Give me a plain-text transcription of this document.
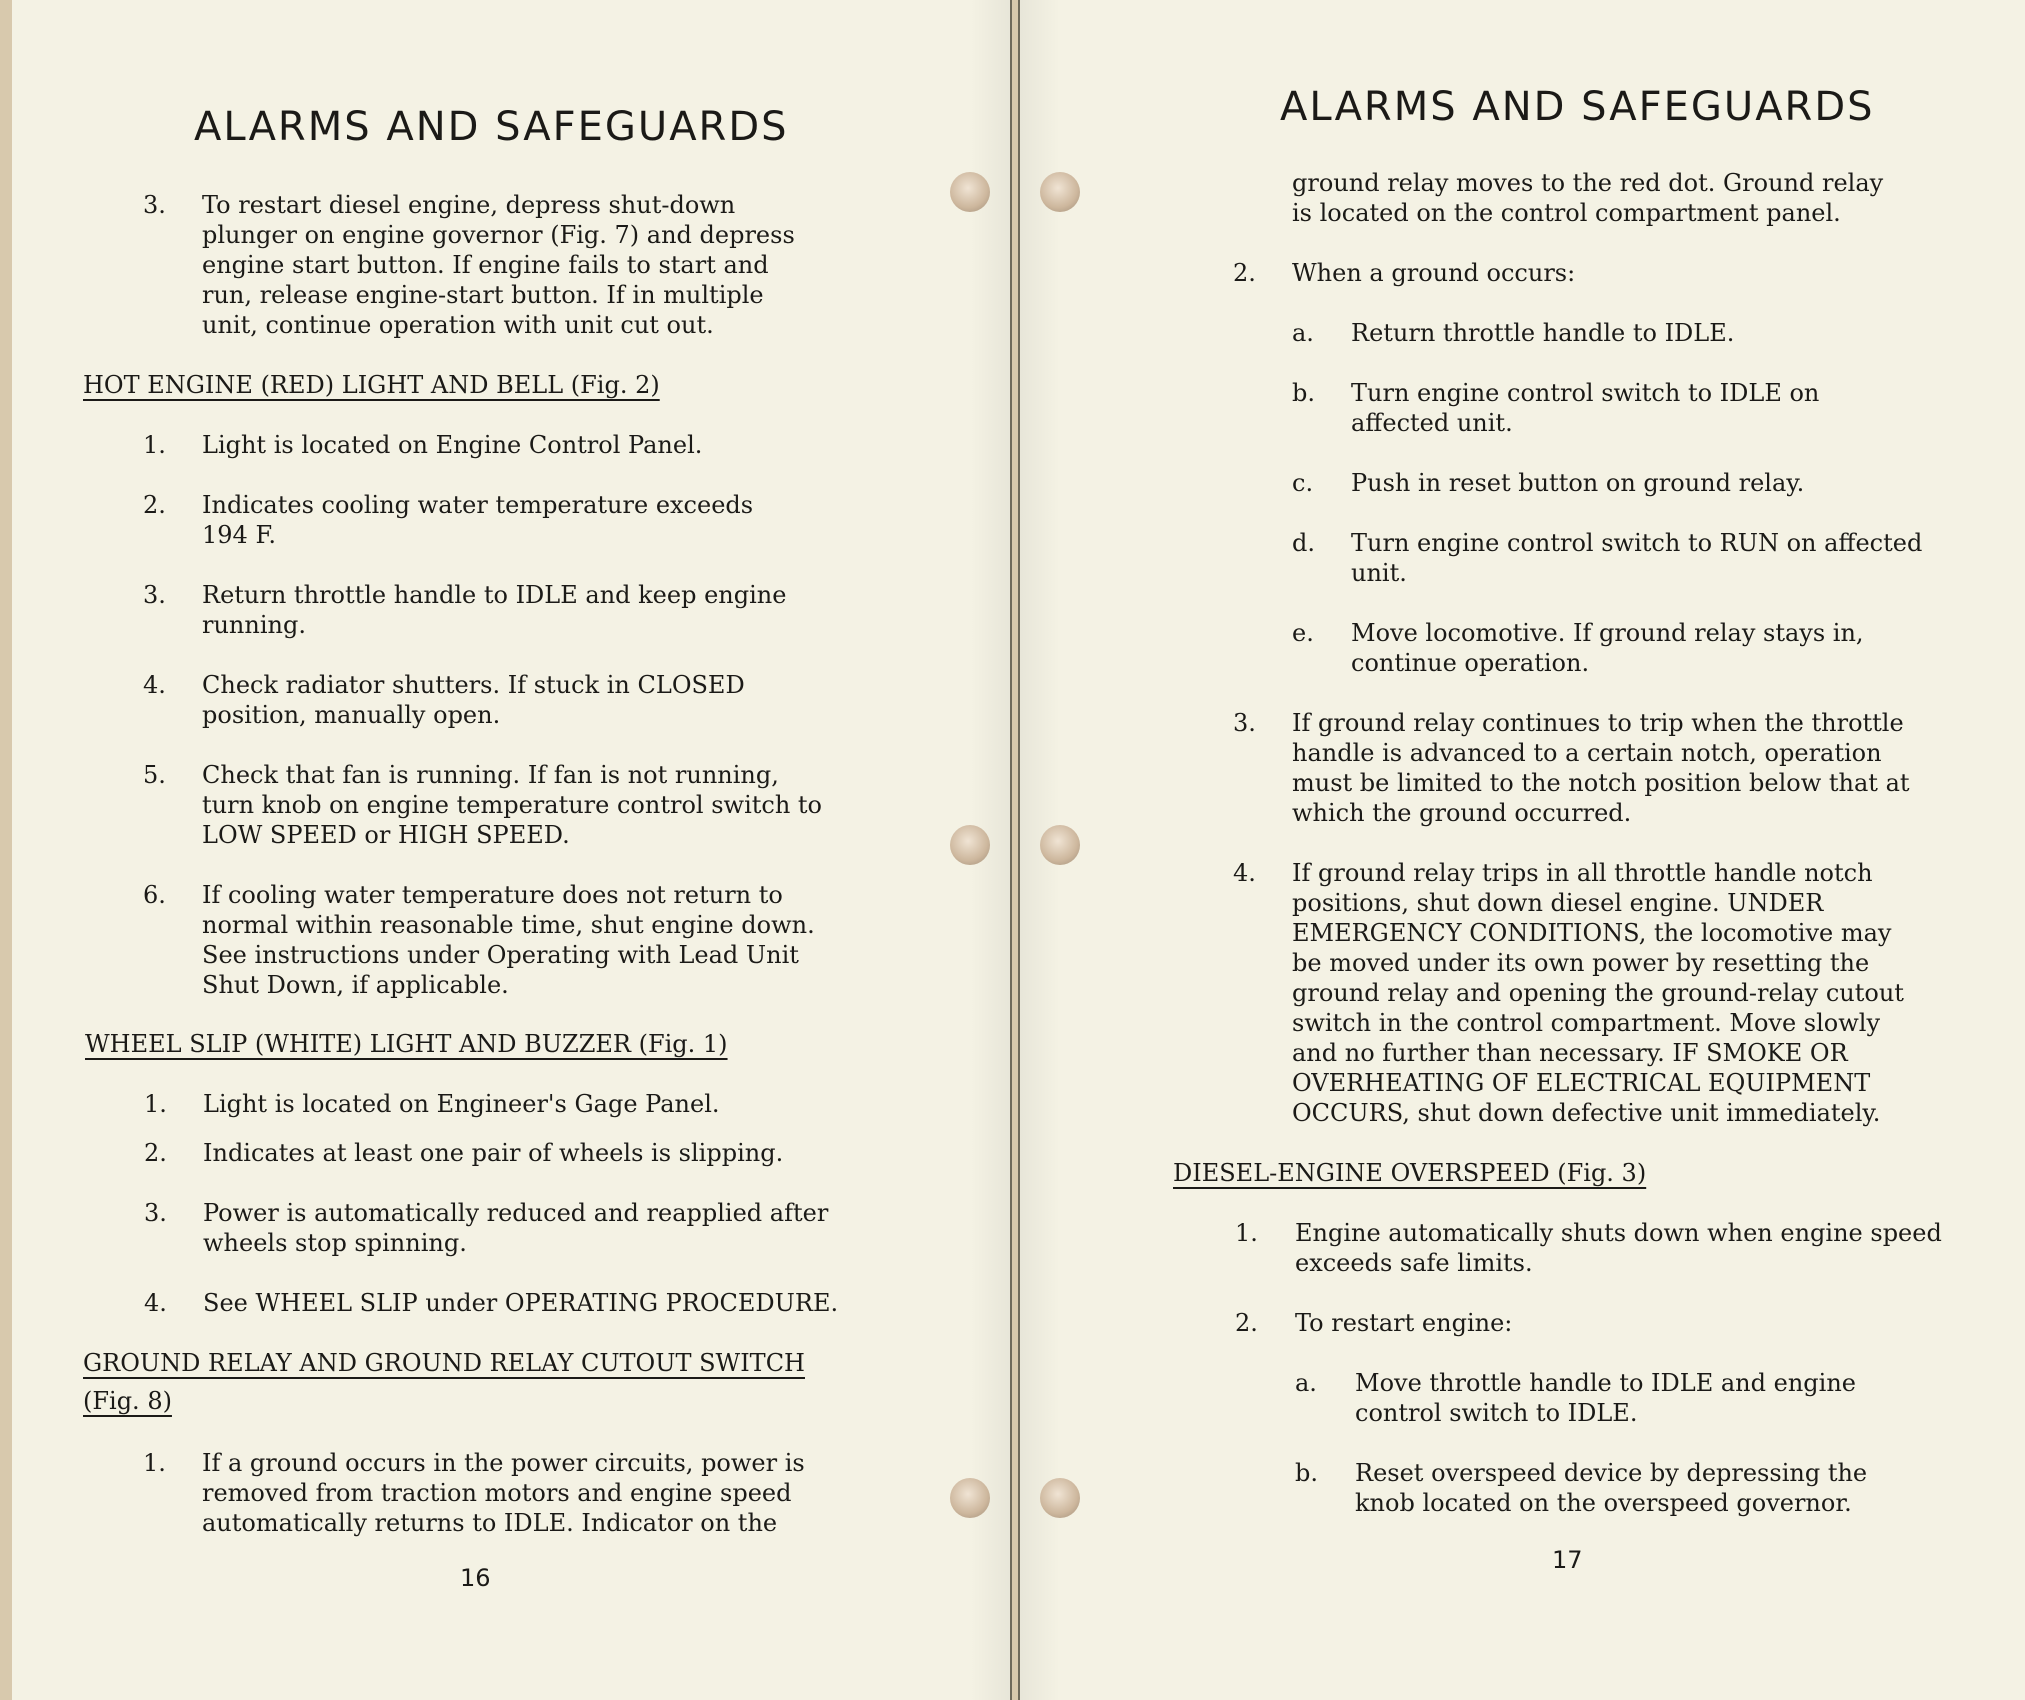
ALARMS AND SAFEGUARDS
3. To restart diesel engine, depress shut-down
plunger on engine governor (Fig. 7) and depress
engine start button. If engine fails to start and
run, release engine-start button. If in multiple
unit, continue operation with unit cut out.
HOT ENGINE (RED) LIGHT AND BELL (Fig. 2)
1. Light is located on Engine Control Panel.
2. Indicates cooling water temperature exceeds
194 F.
3. Return throttle handle to IDLE and keep engine
running.
4. Check radiator shutters. If stuck in CLOSED
position, manually open.
5. Check that fan is running. If fan is not running,
turn knob on engine temperature control switch to
LOW SPEED or HIGH SPEED.
6. If cooling water temperature does not return to
normal within reasonable time, shut engine down.
See instructions under Operating with Lead Unit
Shut Down, if applicable.
WHEEL SLIP (WHITE) LIGHT AND BUZZER (Fig. 1)
1. Light is located on Engineer's Gage Panel.
2. Indicates at least one pair of wheels is slipping.
3. Power is automatically reduced and reapplied after
wheels stop spinning.
4. See WHEEL SLIP under OPERATING PROCEDURE.
GROUND RELAY AND GROUND RELAY CUTOUT SWITCH
(Fig. 8)
1. If a ground occurs in the power circuits, power is
removed from traction motors and engine speed
automatically returns to IDLE. Indicator on the
16
ALARMS AND SAFEGUARDS
ground relay moves to the red dot. Ground relay
is located on the control compartment panel.
2. When a ground occurs:
a. Return throttle handle to IDLE.
b. Turn engine control switch to IDLE on
affected unit.
c. Push in reset button on ground relay.
d. Turn engine control switch to RUN on affected
unit.
e. Move locomotive. If ground relay stays in,
continue operation.
3. If ground relay continues to trip when the throttle
handle is advanced to a certain notch, operation
must be limited to the notch position below that at
which the ground occurred.
4. If ground relay trips in all throttle handle notch
positions, shut down diesel engine. UNDER
EMERGENCY CONDITIONS, the locomotive may
be moved under its own power by resetting the
ground relay and opening the ground-relay cutout
switch in the control compartment. Move slowly
and no further than necessary. IF SMOKE OR
OVERHEATING OF ELECTRICAL EQUIPMENT
OCCURS, shut down defective unit immediately.
DIESEL-ENGINE OVERSPEED (Fig. 3)
1. Engine automatically shuts down when engine speed
exceeds safe limits.
2. To restart engine:
a. Move throttle handle to IDLE and engine
control switch to IDLE.
b. Reset overspeed device by depressing the
knob located on the overspeed governor.
17
